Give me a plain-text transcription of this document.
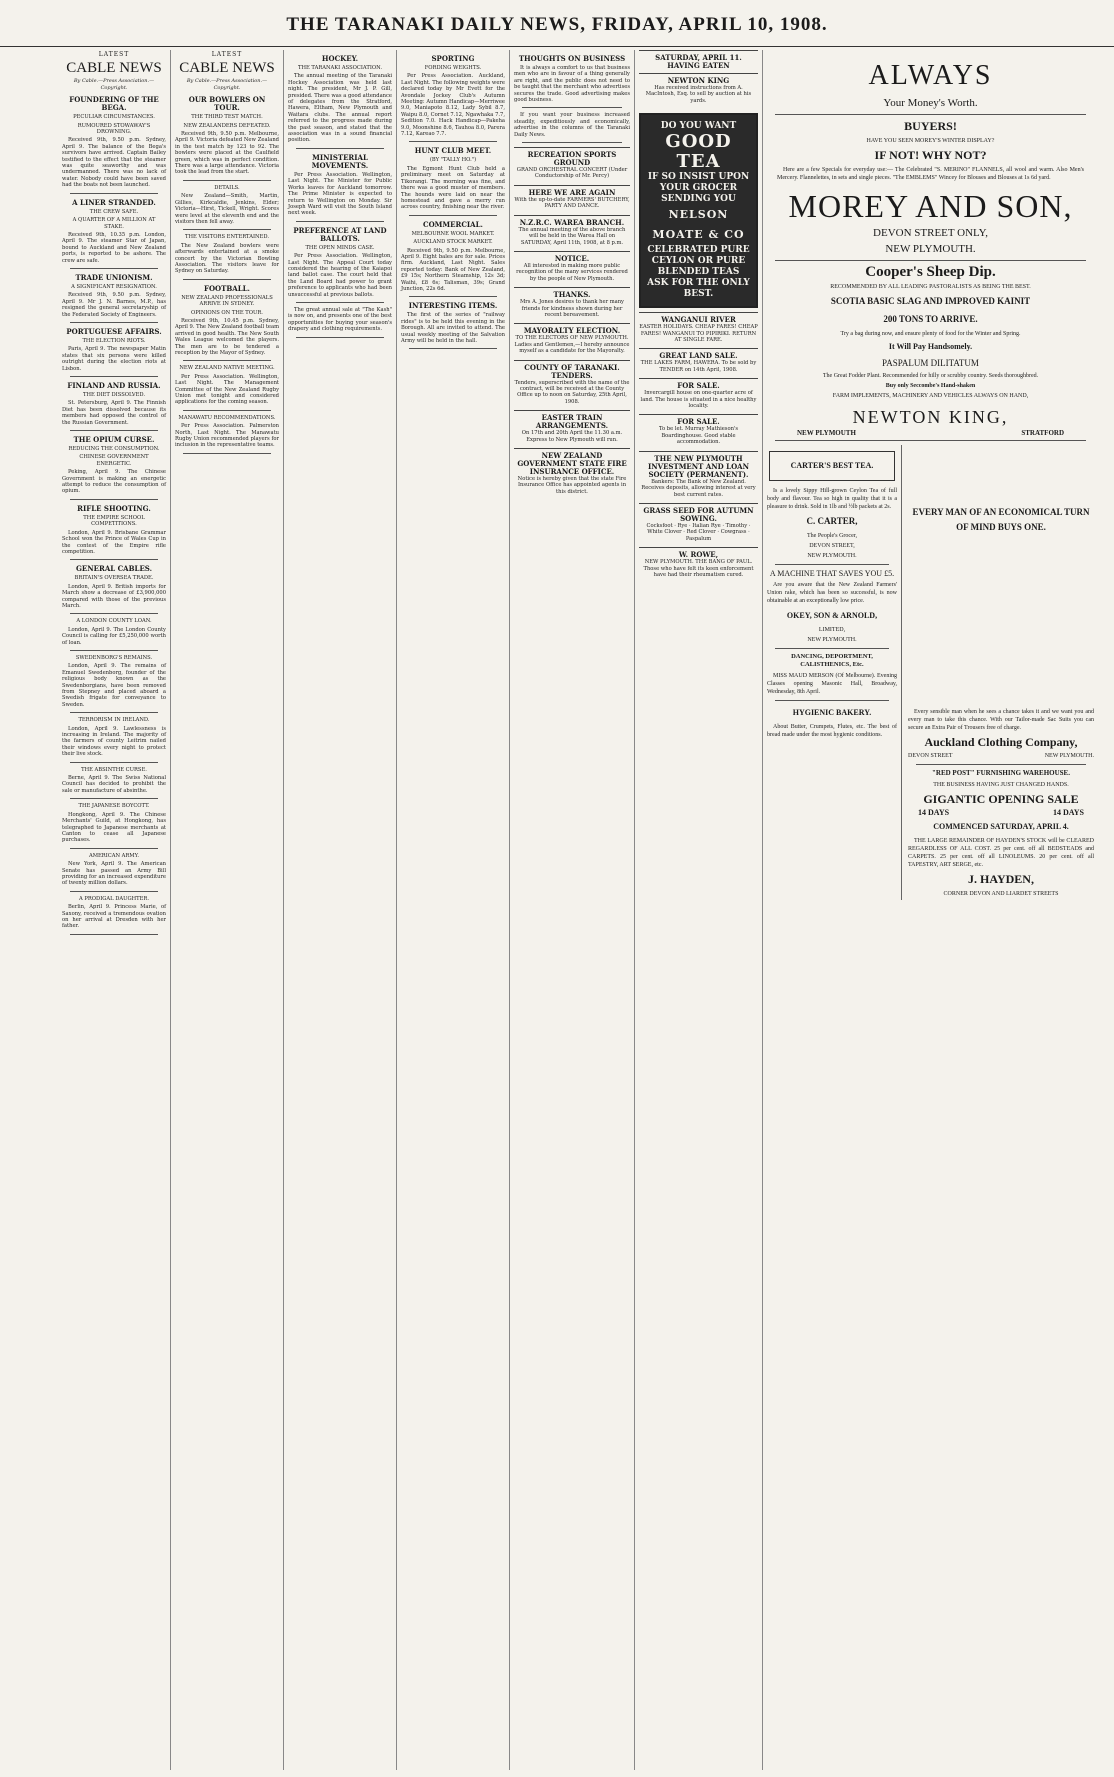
THE TARANAKI DAILY NEWS, FRIDAY, APRIL 10, 1908.
LATEST
CABLE NEWS
By Cable.—Press Association.—Copyright.
FOUNDERING OF THE BEGA.
PECULIAR CIRCUMSTANCES.
RUMOURED STOWAWAY'S DROWNING.

Received 9th, 9.50 p.m. Sydney, April 9. The balance of the Bega's survivors have arrived. Captain Bailey testified to the effect that the steamer was quite seaworthy and was undermanned. There was no lack of water. Nobody could have been saved had the boats not been launched.

A LINER STRANDED.
THE CREW SAFE.
A QUARTER OF A MILLION AT STAKE.

Received 9th, 10.35 p.m. London, April 9. The steamer Star of Japan, bound to Auckland and New Zealand ports, is reported to be ashore. The crew are safe.

TRADE UNIONISM.
A SIGNIFICANT RESIGNATION.

Received 9th, 9.50 p.m. Sydney, April 9. Mr J. N. Barnes, M.P., has resigned the general secretaryship of the Federated Society of Engineers.

PORTUGUESE AFFAIRS.
THE ELECTION RIOTS.

Paris, April 9. The newspaper Matin states that six persons were killed outright during the election riots at Lisbon.

FINLAND AND RUSSIA.
THE DIET DISSOLVED.

St. Petersburg, April 9. The Finnish Diet has been dissolved because its members had opposed the control of the Russian Government.

THE OPIUM CURSE.
REDUCING THE CONSUMPTION.
CHINESE GOVERNMENT ENERGETIC.

Peking, April 9. The Chinese Government is making an energetic attempt to reduce the consumption of opium.

RIFLE SHOOTING.
THE EMPIRE SCHOOL COMPETITIONS.

London, April 9. Brisbane Grammar School won the Prince of Wales Cup in the contest of the Empire rifle competition.

GENERAL CABLES.
BRITAIN'S OVERSEA TRADE.

London, April 9. British imports for March show a decrease of £3,900,000 compared with those of the previous March.

A LONDON COUNTY LOAN.

London, April 9. The London County Council is calling for £5,250,000 worth of loan.

SWEDENBORG'S REMAINS.

London, April 9. The remains of Emanuel Swedenborg, founder of the religious body known as the Swedenborgians, have been removed from Stepney and placed aboard a Swedish frigate for conveyance to Sweden.

TERRORISM IN IRELAND.

London, April 9. Lawlessness is increasing in Ireland. The majority of the farmers of county Leitrim nailed their windows every night to protect their live stock.

THE ABSINTHE CURSE.

Berne, April 9. The Swiss National Council has decided to prohibit the sale or manufacture of absinthe.

THE JAPANESE BOYCOTT.

Hongkong, April 9. The Chinese Merchants' Guild, at Hongkong, has telegraphed to Japanese merchants at Canton to cease all Japanese purchases.

AMERICAN ARMY.

New York, April 9. The American Senate has passed an Army Bill providing for an increased expenditure of twenty million dollars.

A PRODIGAL DAUGHTER.

Berlin, April 9. Princess Marie, of Saxony, received a tremendous ovation on her arrival at Dresden with her father.

LATEST
CABLE NEWS
By Cable.—Press Association.—Copyright.
OUR BOWLERS ON TOUR.
THE THIRD TEST MATCH.
NEW ZEALANDERS DEFEATED.

Received 9th, 9.50 p.m. Melbourne, April 9. Victoria defeated New Zealand in the test match by 123 to 92. The bowlers were placed at the Caulfield green, which was in perfect condition. There was a large attendance. Victoria took the lead from the start.

DETAILS.

New Zealand—Smith, Martin, Gillies, Kirkcaldie, Jenkins, Elder; Victoria—Hirst, Tickell, Wright. Scores were level at the eleventh end and the visitors then fell away.

THE VISITORS ENTERTAINED.

The New Zealand bowlers were afterwards entertained at a smoke concert by the Victorian Bowling Association. The visitors leave for Sydney on Saturday.

FOOTBALL.
NEW ZEALAND PROFESSIONALS ARRIVE IN SYDNEY.
OPINIONS ON THE TOUR.

Received 9th, 10.45 p.m. Sydney, April 9. The New Zealand football team arrived in good health. The New South Wales League welcomed the players. The men are to be tendered a reception by the Mayor of Sydney.

NEW ZEALAND NATIVE MEETING.

Per Press Association. Wellington, Last Night. The Management Committee of the New Zealand Rugby Union met tonight and considered applications for the coming season.

MANAWATU RECOMMENDATIONS.

Per Press Association. Palmerston North, Last Night. The Manawatu Rugby Union recommended players for inclusion in the representative teams.

HOCKEY.
THE TARANAKI ASSOCIATION.

The annual meeting of the Taranaki Hockey Association was held last night. The president, Mr J. P. Gill, presided. There was a good attendance of delegates from the Stratford, Hawera, Eltham, New Plymouth and Waitara clubs. The annual report referred to the progress made during the past season, and stated that the association was in a sound financial position.

MINISTERIAL MOVEMENTS.

Per Press Association. Wellington, Last Night. The Minister for Public Works leaves for Auckland tomorrow. The Prime Minister is expected to return to Wellington on Monday. Sir Joseph Ward will visit the South Island next week.

PREFERENCE AT LAND BALLOTS.
THE OPEN MINDS CASE.

Per Press Association. Wellington, Last Night. The Appeal Court today considered the hearing of the Kaiapoi land ballot case. The court held that the Land Board had power to grant preference to applicants who had been unsuccessful at previous ballots.

The great annual sale at "The Kash" is now on, and presents one of the best opportunities for buying your season's drapery and clothing requirements.

SPORTING
FORDING WEIGHTS.

Per Press Association. Auckland, Last Night. The following weights were declared today by Mr Evett for the Avondale Jockey Club's Autumn Meeting: Autumn Handicap—Merriwee 9.0, Maniapoto 8.12, Lady Sybil 8.7, Waipu 8.0, Cornet 7.12, Ngawhaka 7.7, Sedition 7.0. Hack Handicap—Pakeha 9.0, Moonshine 8.6, Tauhoa 8.0, Parera 7.12, Kareao 7.7.

HUNT CLUB MEET.
(BY "TALLY HO.")

The Egmont Hunt Club held a preliminary meet on Saturday at Tikorangi. The morning was fine, and there was a good muster of members. The hounds were laid on near the homestead and gave a merry run across country, finishing near the river.

COMMERCIAL.
MELBOURNE WOOL MARKET.
AUCKLAND STOCK MARKET.

Received 9th, 9.50 p.m. Melbourne, April 9. Eight bales are for sale. Prices firm. Auckland, Last Night. Sales reported today: Bank of New Zealand, £9 15s; Northern Steamship, 12s 3d; Waihi, £8 6s; Talisman, 39s; Grand Junction, 22s 6d.

INTERESTING ITEMS.

The first of the series of "railway rides" is to be held this evening in the Borough. All are invited to attend. The usual weekly meeting of the Salvation Army will be held in the hall.

THOUGHTS ON BUSINESS

It is always a comfort to us that business men who are in favour of a thing generally are right, and the public does not need to be taught that the merchant who advertises secures the trade. Good advertising makes good business.

If you want your business increased steadily, expeditiously and economically, advertise in the columns of the Taranaki Daily News.

RECREATION SPORTS GROUND

GRAND ORCHESTRAL CONCERT (Under Conductorship of Mr. Percy)

HERE WE ARE AGAIN

With the up-to-date FARMERS' BUTCHERY, PARTY AND DANCE.

N.Z.R.C. WAREA BRANCH.

The annual meeting of the above branch will be held in the Warea Hall on SATURDAY, April 11th, 1908, at 8 p.m.

NOTICE.

All interested in making more public recognition of the many services rendered by the people of New Plymouth.

THANKS.

Mrs A. Jones desires to thank her many friends for kindness shown during her recent bereavement.

MAYORALTY ELECTION.

TO THE ELECTORS OF NEW PLYMOUTH. Ladies and Gentlemen,—I hereby announce myself as a candidate for the Mayoralty.

COUNTY OF TARANAKI. TENDERS.

Tenders, superscribed with the name of the contract, will be received at the County Office up to noon on Saturday, 25th April, 1908.

EASTER TRAIN ARRANGEMENTS.

On 17th and 20th April the 11.30 a.m. Express to New Plymouth will run.

NEW ZEALAND GOVERNMENT STATE FIRE INSURANCE OFFICE.

Notice is hereby given that the state Fire Insurance Office has appointed agents in this district.

SATURDAY, APRIL 11. HAVING EATEN
NEWTON KING

Has received instructions from A. MacIntosh, Esq. to sell by auction at his yards.

DO YOU WANT
GOOD TEA
IF SO INSIST UPON YOUR GROCER SENDING YOU
NELSON MOATE & CO
CELEBRATED PURE CEYLON OR PURE BLENDED TEAS
ASK FOR THE ONLY BEST.
WANGANUI RIVER

EASTER HOLIDAYS. CHEAP FARES! CHEAP FARES! WANGANUI TO PIPIRIKI. RETURN AT SINGLE FARE.

GREAT LAND SALE.

THE LAKES FARM, HAWERA. To be sold by TENDER on 14th April, 1908.

FOR SALE.

Invercargill house on one-quarter acre of land. The house is situated in a nice healthy locality.

FOR SALE.

To be let. Murray Mathieson's Boardinghouse. Good stable accommodation.

THE NEW PLYMOUTH INVESTMENT AND LOAN SOCIETY (PERMANENT).

Bankers: The Bank of New Zealand. Receives deposits, allowing interest at very best current rates.

GRASS SEED FOR AUTUMN SOWING.

Cocksfoot · Rye · Italian Rye · Timothy · White Clover · Red Clover · Cowgrass · Paspalum

W. ROWE,

NEW PLYMOUTH. THE BANG OF PAUL. Those who have felt its keen enforcement have had their rheumatism cured.

ALWAYS
Your Money's Worth.
BUYERS!
HAVE YOU SEEN MOREY'S WINTER DISPLAY?
IF NOT! WHY NOT?

Here are a few Specials for everyday use:— The Celebrated "S. MERINO" FLANNELS, all wool and warm. Also Men's Mercery. Flannelettes, in sets and single pieces. "The EMBLEMS" Wincey for Blouses and Blouses at 1s 6d yard.

MOREY AND SON,
DEVON STREET ONLY,
NEW PLYMOUTH.
Cooper's Sheep Dip.
RECOMMENDED BY ALL LEADING PASTORALISTS AS BEING THE BEST.
SCOTIA BASIC SLAG AND IMPROVED KAINIT
200 TONS TO ARRIVE.
Try a bag during now, and ensure plenty of food for the Winter and Spring.
It Will Pay Handsomely.
PASPALUM DILITATUM
The Great Fodder Plant. Recommended for hilly or scrubby country. Seeds thoroughbred.
Buy only Seccombe's Hand-shaken
FARM IMPLEMENTS, MACHINERY AND VEHICLES ALWAYS ON HAND,
NEWTON KING,
NEW PLYMOUTH	STRATFORD
CARTER'S BEST TEA.

Is a lovely Sippy Hill-grown Ceylon Tea of full body and flavour. Tea so high in quality that it is a pleasure to drink. Sold in 1lb and ½lb packets at 2s.

C. CARTER,
The People's Grocer,
DEVON STREET,
NEW PLYMOUTH.
A MACHINE THAT SAVES YOU £5.

Are you aware that the New Zealand Farmers' Union rake, which has been so successful, is now obtainable at an exceptionally low price.

OKEY, SON & ARNOLD,
LIMITED,
NEW PLYMOUTH.
DANCING, DEPORTMENT, CALISTHENICS, Etc.

MISS MAUD MERSON (Of Melbourne). Evening Classes opening Masonic Hall, Broadway, Wednesday, 8th April.

HYGIENIC BAKERY.

About Butter, Crumpets, Flutes, etc. The best of bread made under the most hygienic conditions.

EVERY MAN OF AN ECONOMICAL TURN OF MIND BUYS ONE.

Every sensible man when he sees a chance takes it and we want you and every man to take this chance. With our Tailor-made Sac Suits you can secure an Extra Pair of Trousers free of charge.

Auckland Clothing Company,
DEVON STREET	NEW PLYMOUTH.
"RED POST" FURNISHING WAREHOUSE.
THE BUSINESS HAVING JUST CHANGED HANDS.
GIGANTIC OPENING SALE
14 DAYS	14 DAYS
COMMENCED SATURDAY, APRIL 4.

THE LARGE REMAINDER OF HAYDEN'S STOCK will be CLEARED REGARDLESS OF ALL COST. 25 per cent. off all BEDSTEADS and CARPETS. 25 per cent. off all LINOLEUMS. 20 per cent. off all TAPESTRY, ART SERGE, etc.

J. HAYDEN,
CORNER DEVON AND LIARDET STREETS
